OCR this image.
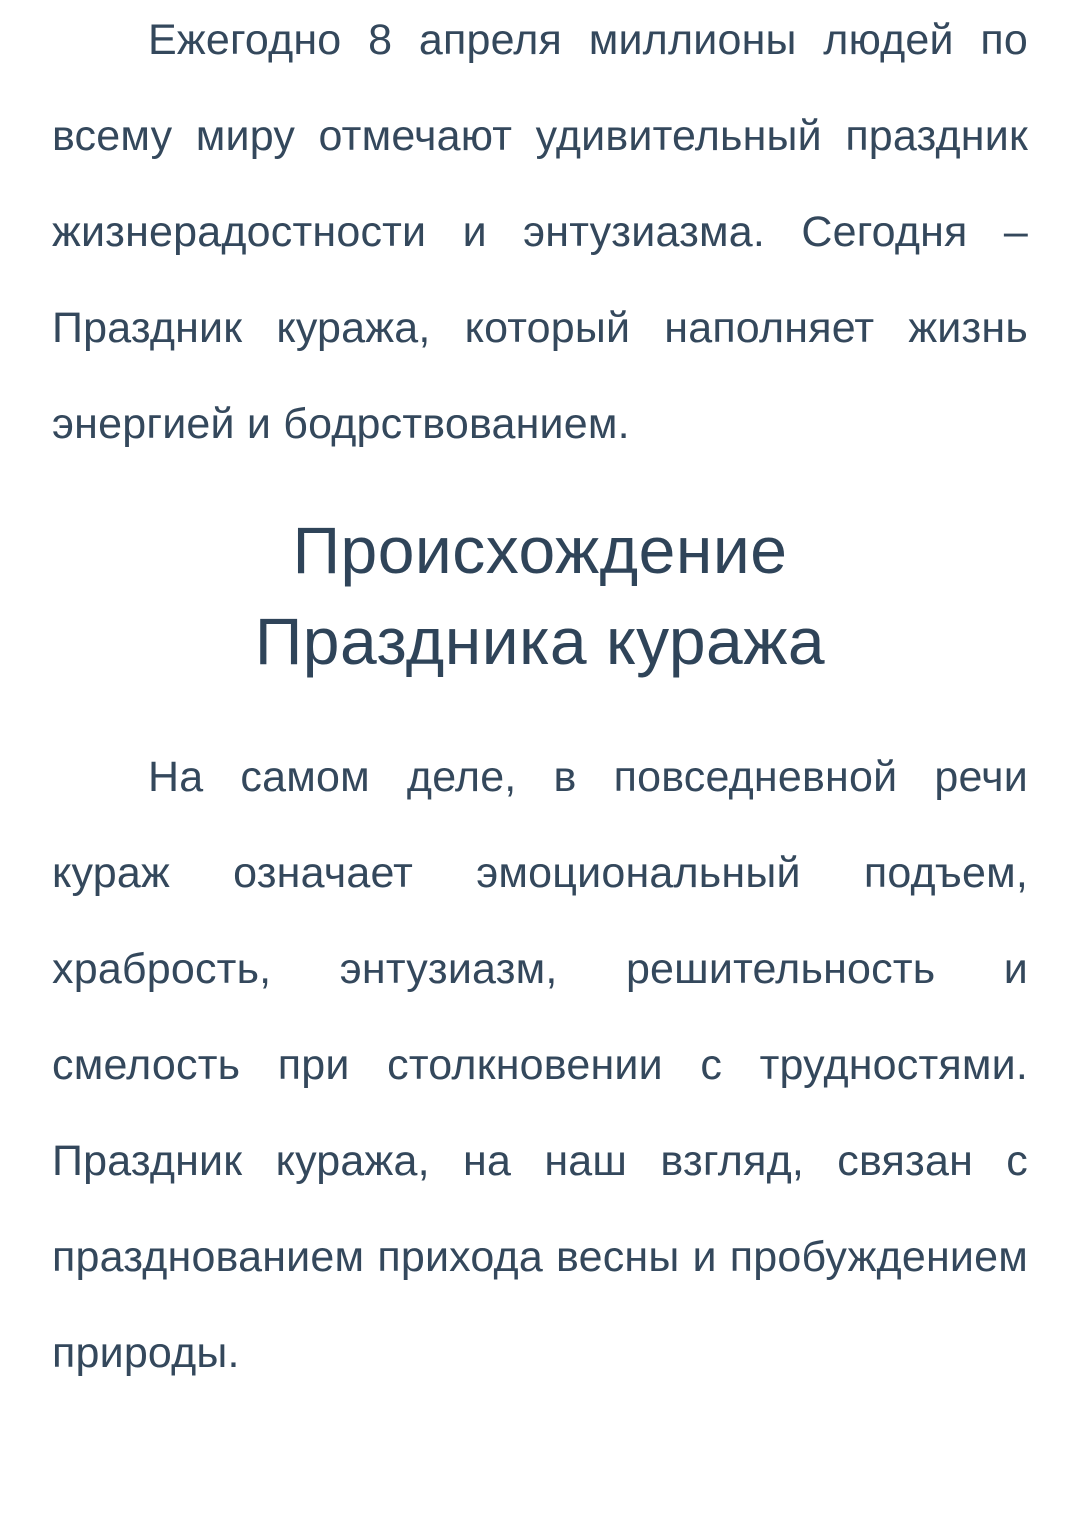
Ежегодно 8 апреля миллионы людей по всему миру отмечают удивительный праздник жизнерадостности и энтузиазма. Сегодня – Праздник куража, который наполняет жизнь энергией и бодрствованием.

Происхождение
Праздника куража

На самом деле, в повседневной речи кураж означает эмоциональный подъем, храбрость, энтузиазм, решительность и смелость при столкновении с трудностями. Праздник куража, на наш взгляд, связан с празднованием прихода весны и пробуждением природы.
